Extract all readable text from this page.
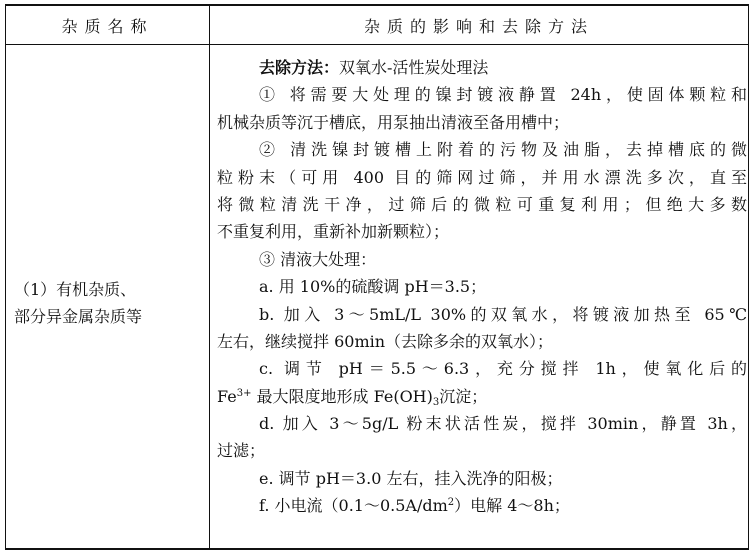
杂质名称	杂质的影响和去除方法
（1）有机杂质、
部分异金属杂质等
去除方法：双氧水-活性炭处理法
① 将需要大处理的镍封镀液静置 24h，使固体颗粒和
机械杂质等沉于槽底，用泵抽出清液至备用槽中；
② 清洗镍封镀槽上附着的污物及油脂，去掉槽底的微
粒粉末（可用 400 目的筛网过筛，并用水漂洗多次，直至
将微粒清洗干净，过筛后的微粒可重复利用；但绝大多数
不重复利用，重新补加新颗粒）；
③ 清液大处理：
a. 用 10%的硫酸调 pH＝3.5；
b. 加入 3～5mL/L 30%的双氧水，将镀液加热至 65℃
左右，继续搅拌 60min（去除多余的双氧水）；
c. 调节 pH＝5.5～6.3，充分搅拌 1h，使氧化后的
$Fe^{3+}$ 最大限度地形成 $Fe(OH)_3$沉淀；
d. 加入 3～5g/L 粉末状活性炭，搅拌 30min，静置 3h，
过滤；
e. 调节 pH＝3.0 左右，挂入洗净的阳极；
f. 小电流$(0.1\sim 0.5A/dm^2)$电解 4～8h；
